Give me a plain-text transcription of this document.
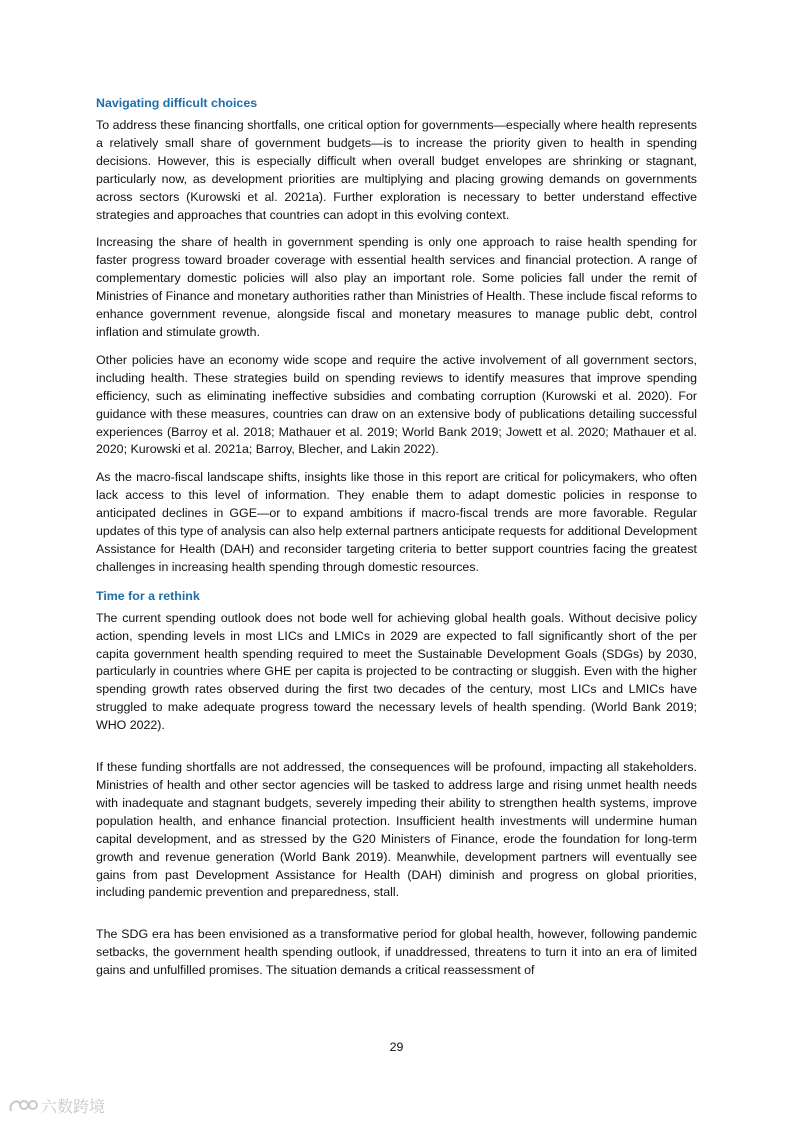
Navigating difficult choices

To address these financing shortfalls, one critical option for governments—especially where health represents a relatively small share of government budgets—is to increase the priority given to health in spending decisions. However, this is especially difficult when overall budget envelopes are shrinking or stagnant, particularly now, as development priorities are multiplying and placing growing demands on governments across sectors (Kurowski et al. 2021a). Further exploration is necessary to better understand effective strategies and approaches that countries can adopt in this evolving context.

Increasing the share of health in government spending is only one approach to raise health spending for faster progress toward broader coverage with essential health services and financial protection. A range of complementary domestic policies will also play an important role. Some policies fall under the remit of Ministries of Finance and monetary authorities rather than Ministries of Health. These include fiscal reforms to enhance government revenue, alongside fiscal and monetary measures to manage public debt, control inflation and stimulate growth.

Other policies have an economy wide scope and require the active involvement of all government sectors, including health. These strategies build on spending reviews to identify measures that improve spending efficiency, such as eliminating ineffective subsidies and combating corruption (Kurowski et al. 2020). For guidance with these measures, countries can draw on an extensive body of publications detailing successful experiences (Barroy et al. 2018; Mathauer et al. 2019; World Bank 2019; Jowett et al. 2020; Mathauer et al. 2020; Kurowski et al. 2021a; Barroy, Blecher, and Lakin 2022).

As the macro-fiscal landscape shifts, insights like those in this report are critical for policymakers, who often lack access to this level of information. They enable them to adapt domestic policies in response to anticipated declines in GGE—or to expand ambitions if macro-fiscal trends are more favorable. Regular updates of this type of analysis can also help external partners anticipate requests for additional Development Assistance for Health (DAH) and reconsider targeting criteria to better support countries facing the greatest challenges in increasing health spending through domestic resources.

Time for a rethink

The current spending outlook does not bode well for achieving global health goals. Without decisive policy action, spending levels in most LICs and LMICs in 2029 are expected to fall significantly short of the per capita government health spending required to meet the Sustainable Development Goals (SDGs) by 2030, particularly in countries where GHE per capita is projected to be contracting or sluggish. Even with the higher spending growth rates observed during the first two decades of the century, most LICs and LMICs have struggled to make adequate progress toward the necessary levels of health spending. (World Bank 2019; WHO 2022).

If these funding shortfalls are not addressed, the consequences will be profound, impacting all stakeholders. Ministries of health and other sector agencies will be tasked to address large and rising unmet health needs with inadequate and stagnant budgets, severely impeding their ability to strengthen health systems, improve population health, and enhance financial protection. Insufficient health investments will undermine human capital development, and as stressed by the G20 Ministers of Finance, erode the foundation for long-term growth and revenue generation (World Bank 2019). Meanwhile, development partners will eventually see gains from past Development Assistance for Health (DAH) diminish and progress on global priorities, including pandemic prevention and preparedness, stall.

The SDG era has been envisioned as a transformative period for global health, however, following pandemic setbacks, the government health spending outlook, if unaddressed, threatens to turn it into an era of limited gains and unfulfilled promises. The situation demands a critical reassessment of

29
六数跨境
